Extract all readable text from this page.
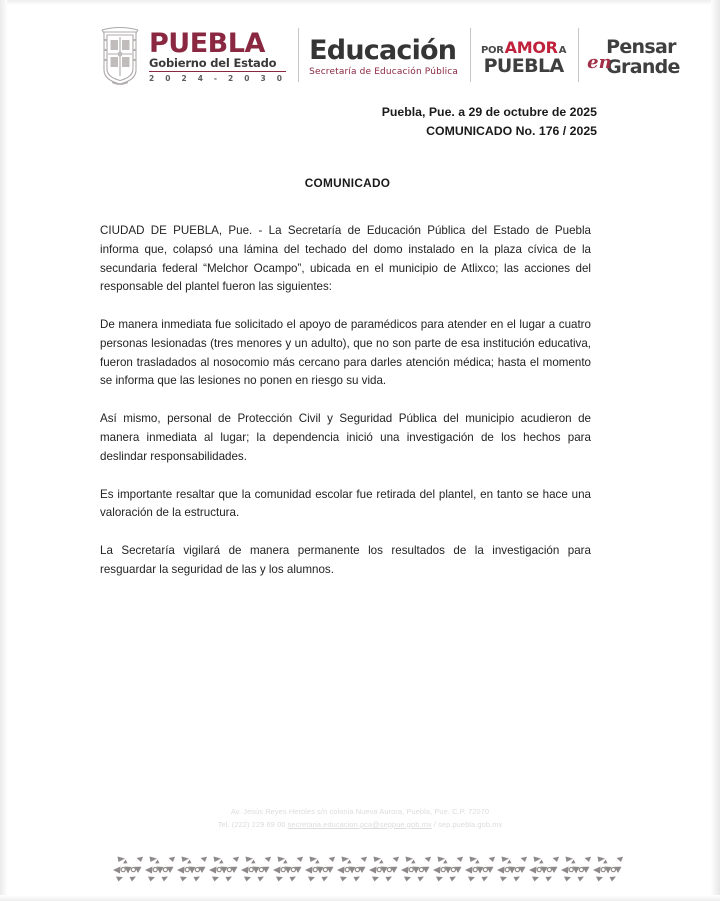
PUEBLA
Gobierno del Estado
2 0 2 4 - 2 0 3 0
Educación
Secretaría de Educación Pública
POR AMOR A
PUEBLA
Pensar
Grande
en
Puebla, Pue. a 29 de octubre de 2025
COMUNICADO No. 176 / 2025
COMUNICADO

CIUDAD DE PUEBLA, Pue. - La Secretaría de Educación Pública del Estado de Puebla informa que, colapsó una lámina del techado del domo instalado en la plaza cívica de la secundaria federal “Melchor Ocampo”, ubicada en el municipio de Atlixco; las acciones del responsable del plantel fueron las siguientes:

De manera inmediata fue solicitado el apoyo de paramédicos para atender en el lugar a cuatro personas lesionadas (tres menores y un adulto), que no son parte de esa institución educativa, fueron trasladados al nosocomio más cercano para darles atención médica; hasta el momento se informa que las lesiones no ponen en riesgo su vida.

Así mismo, personal de Protección Civil y Seguridad Pública del municipio acudieron de manera inmediata al lugar; la dependencia inició una investigación de los hechos para deslindar responsabilidades.

Es importante resaltar que la comunidad escolar fue retirada del plantel, en tanto se hace una valoración de la estructura.

La Secretaría vigilará de manera permanente los resultados de la investigación para resguardar la seguridad de las y los alumnos.

Av. Jesús Reyes Heroles s/n colonia Nueva Aurora, Puebla, Pue. C.P. 72070
Tel. (222) 229 69 00 secretaria.educacion.pca@seppue.gob.mx / sep.puebla.gob.mx
